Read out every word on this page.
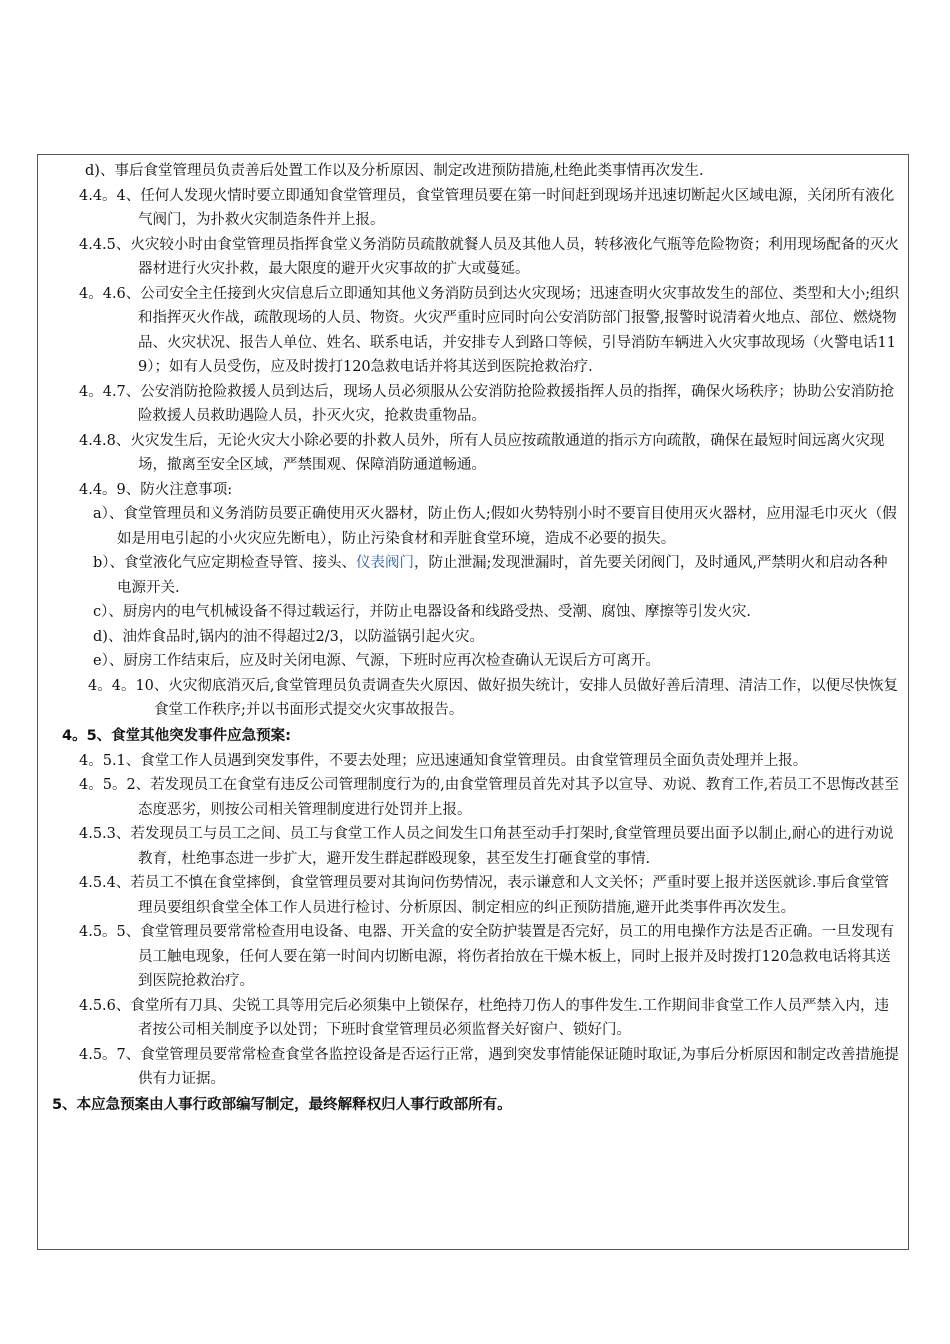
d)、事后食堂管理员负责善后处置工作以及分析原因、制定改进预防措施,杜绝此类事情再次发生.

4.4。4、任何人发现火情时要立即通知食堂管理员，食堂管理员要在第一时间赶到现场并迅速切断起火区域电源，关闭所有液化气阀门，为扑救火灾制造条件并上报。

4.4.5、火灾较小时由食堂管理员指挥食堂义务消防员疏散就餐人员及其他人员，转移液化气瓶等危险物资；利用现场配备的灭火器材进行火灾扑救，最大限度的避开火灾事故的扩大或蔓延。

4。4.6、公司安全主任接到火灾信息后立即通知其他义务消防员到达火灾现场；迅速查明火灾事故发生的部位、类型和大小;组织和指挥灭火作战，疏散现场的人员、物资。火灾严重时应同时向公安消防部门报警,报警时说清着火地点、部位、燃烧物品、火灾状况、报告人单位、姓名、联系电话，并安排专人到路口等候，引导消防车辆进入火灾事故现场（火警电话119）；如有人员受伤，应及时拨打120急救电话并将其送到医院抢救治疗.

4。4.7、公安消防抢险救援人员到达后，现场人员必须服从公安消防抢险救援指挥人员的指挥，确保火场秩序；协助公安消防抢险救援人员救助遇险人员，扑灭火灾，抢救贵重物品。

4.4.8、火灾发生后，无论火灾大小除必要的扑救人员外，所有人员应按疏散通道的指示方向疏散，确保在最短时间远离火灾现场，撤离至安全区域，严禁围观、保障消防通道畅通。

4.4。9、防火注意事项:

a）、食堂管理员和义务消防员要正确使用灭火器材，防止伤人;假如火势特别小时不要盲目使用灭火器材，应用湿毛巾灭火（假如是用电引起的小火灾应先断电），防止污染食材和弄脏食堂环境，造成不必要的损失。

b）、食堂液化气应定期检查导管、接头、仪表阀门，防止泄漏;发现泄漏时，首先要关闭阀门，及时通风,严禁明火和启动各种电源开关.

c）、厨房内的电气机械设备不得过载运行，并防止电器设备和线路受热、受潮、腐蚀、摩擦等引发火灾.

d)、油炸食品时,锅内的油不得超过2/3，以防溢锅引起火灾。

e）、厨房工作结束后，应及时关闭电源、气源，下班时应再次检查确认无误后方可离开。

4。4。10、火灾彻底消灭后,食堂管理员负责调查失火原因、做好损失统计，安排人员做好善后清理、清洁工作，以便尽快恢复食堂工作秩序;并以书面形式提交火灾事故报告。

4。5、食堂其他突发事件应急预案:

4。5.1、食堂工作人员遇到突发事件，不要去处理；应迅速通知食堂管理员。由食堂管理员全面负责处理并上报。

4。5。2、若发现员工在食堂有违反公司管理制度行为的,由食堂管理员首先对其予以宣导、劝说、教育工作,若员工不思悔改甚至态度恶劣，则按公司相关管理制度进行处罚并上报。

4.5.3、若发现员工与员工之间、员工与食堂工作人员之间发生口角甚至动手打架时,食堂管理员要出面予以制止,耐心的进行劝说教育，杜绝事态进一步扩大，避开发生群起群殴现象，甚至发生打砸食堂的事情.

4.5.4、若员工不慎在食堂摔倒，食堂管理员要对其询问伤势情况，表示谦意和人文关怀；严重时要上报并送医就诊.事后食堂管理员要组织食堂全体工作人员进行检讨、分析原因、制定相应的纠正预防措施,避开此类事件再次发生。

4.5。5、食堂管理员要常常检查用电设备、电器、开关盒的安全防护装置是否完好，员工的用电操作方法是否正确。一旦发现有员工触电现象，任何人要在第一时间内切断电源，将伤者抬放在干燥木板上，同时上报并及时拨打120急救电话将其送到医院抢救治疗。

4.5.6、食堂所有刀具、尖锐工具等用完后必须集中上锁保存，杜绝持刀伤人的事件发生.工作期间非食堂工作人员严禁入内，违者按公司相关制度予以处罚；下班时食堂管理员必须监督关好窗户、锁好门。

4.5。7、食堂管理员要常常检查食堂各监控设备是否运行正常，遇到突发事情能保证随时取证,为事后分析原因和制定改善措施提供有力证据。

5、本应急预案由人事行政部编写制定，最终解释权归人事行政部所有。
